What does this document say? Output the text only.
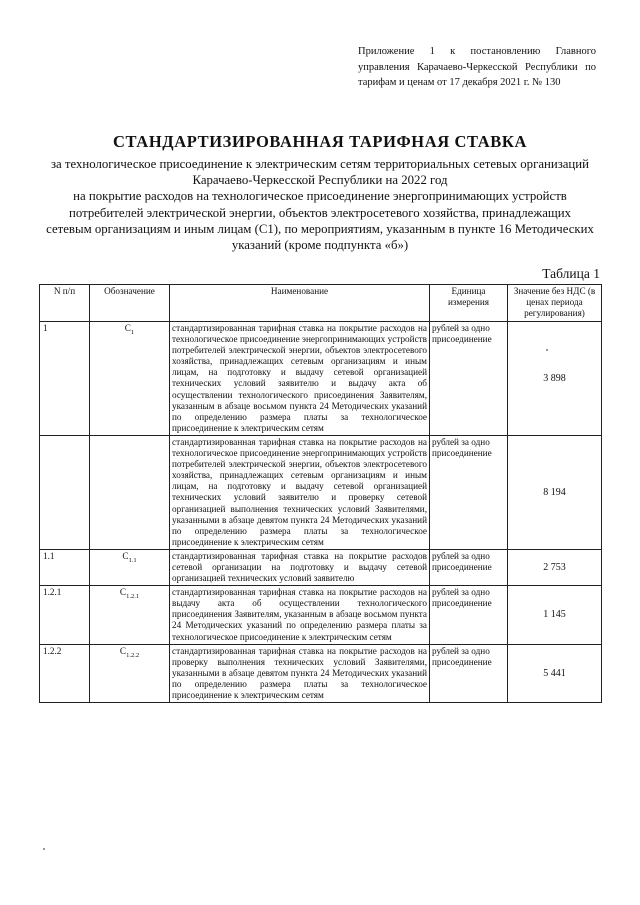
Приложение 1 к постановлению Главного управления Карачаево-Черкесской Республики по тарифам и ценам от 17 декабря 2021 г. № 130
СТАНДАРТИЗИРОВАННАЯ ТАРИФНАЯ СТАВКА
за технологическое присоединение к электрическим сетям территориальных сетевых организаций
Карачаево-Черкесской Республики на 2022 год
на покрытие расходов на технологическое присоединение энергопринимающих устройств
потребителей электрической энергии, объектов электросетевого хозяйства, принадлежащих
сетевым организациям и иным лицам (С1), по мероприятиям, указанным в пункте 16 Методических
указаний (кроме подпункта «б»)
Таблица 1
N п/п	Обозначение	Наименование	Единица измерения	Значение без НДС (в ценах периода регулирования)
1	$С_1$	стандартизированная тарифная ставка на покрытие расходов на технологическое присоединение энергопринимающих устройств потребителей электрической энергии, объектов электросетевого хозяйства, принадлежащих сетевым организациям и иным лицам, на подготовку и выдачу сетевой организацией технических условий заявителю и выдачу акта об осуществлении технологического присоединения Заявителям, указанным в абзаце восьмом пункта 24 Методических указаний по определению размера платы за технологическое присоединение к электрическим сетям	рублей за одно присоединение	3 898
		стандартизированная тарифная ставка на покрытие расходов на технологическое присоединение энергопринимающих устройств потребителей электрической энергии, объектов электросетевого хозяйства, принадлежащих сетевым организациям и иным лицам, на подготовку и выдачу сетевой организацией технических условий заявителю и проверку сетевой организацией выполнения технических условий Заявителями, указанными в абзаце девятом пункта 24 Методических указаний по определению размера платы за технологическое присоединение к электрическим сетям	рублей за одно присоединение	8 194
1.1	$С_{1.1}$	стандартизированная тарифная ставка на покрытие расходов сетевой организации на подготовку и выдачу сетевой организацией технических условий заявителю	рублей за одно присоединение	2 753
1.2.1	$С_{1.2.1}$	стандартизированная тарифная ставка на покрытие расходов на выдачу акта об осуществлении технологического присоединения Заявителям, указанным в абзаце восьмом пункта 24 Методических указаний по определению размера платы за технологическое присоединение к электрическим сетям	рублей за одно присоединение	1 145
1.2.2	$С_{1.2.2}$	стандартизированная тарифная ставка на покрытие расходов на проверку выполнения технических условий Заявителями, указанными в абзаце девятом пункта 24 Методических указаний по определению размера платы за технологическое присоединение к электрическим сетям	рублей за одно присоединение	5 441
